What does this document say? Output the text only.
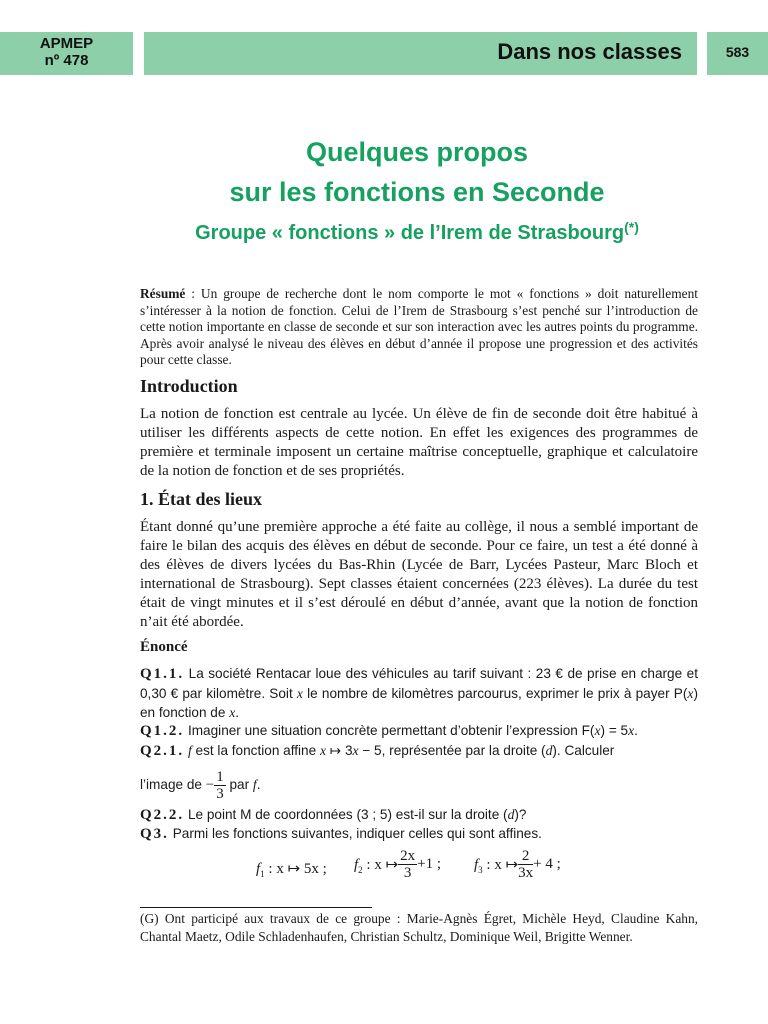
APMEP
nº 478	Dans nos classes	583
Quelques propos
sur les fonctions en Seconde
Groupe « fonctions » de l’Irem de Strasbourg(*)
Résumé : Un groupe de recherche dont le nom comporte le mot « fonctions » doit naturellement s’intéresser à la notion de fonction. Celui de l’Irem de Strasbourg s’est penché sur l’introduction de cette notion importante en classe de seconde et sur son interaction avec les autres points du programme. Après avoir analysé le niveau des élèves en début d’année il propose une progression et des activités pour cette classe.
Introduction
La notion de fonction est centrale au lycée. Un élève de fin de seconde doit être habitué à utiliser les différents aspects de cette notion. En effet les exigences des programmes de première et terminale imposent un certaine maîtrise conceptuelle, graphique et calculatoire de la notion de fonction et de ses propriétés.
1. État des lieux
Étant donné qu’une première approche a été faite au collège, il nous a semblé important de faire le bilan des acquis des élèves en début de seconde. Pour ce faire, un test a été donné à des élèves de divers lycées du Bas-Rhin (Lycée de Barr, Lycées Pasteur, Marc Bloch et international de Strasbourg). Sept classes étaient concernées (223 élèves). La durée du test était de vingt minutes et il s’est déroulé en début d’année, avant que la notion de fonction n’ait été abordée.
Énoncé
Q1.1. La société Rentacar loue des véhicules au tarif suivant : 23 € de prise en charge et 0,30 € par kilomètre. Soit x le nombre de kilomètres parcourus, exprimer le prix à payer P(x) en fonction de x.
Q1.2. Imaginer une situation concrète permettant d’obtenir l’expression F(x) = 5x.
Q2.1. f est la fonction affine x ↦ 3x − 5, représentée par la droite (d). Calculer
l’image de − $\frac{1}{3}$ par f.
Q2.2. Le point M de coordonnées (3 ; 5) est-il sur la droite (d)?
Q3. Parmi les fonctions suivantes, indiquer celles qui sont affines.
$f_1$ : x ↦ 5x ; $f_2$ : x ↦ $\frac{2x}{3} +1$ ; $f_3$ : x ↦ $\frac{2}{3x} + 4$ ;
(G) Ont participé aux travaux de ce groupe : Marie-Agnès Égret, Michèle Heyd, Claudine Kahn, Chantal Maetz, Odile Schladenhaufen, Christian Schultz, Dominique Weil, Brigitte Wenner.
